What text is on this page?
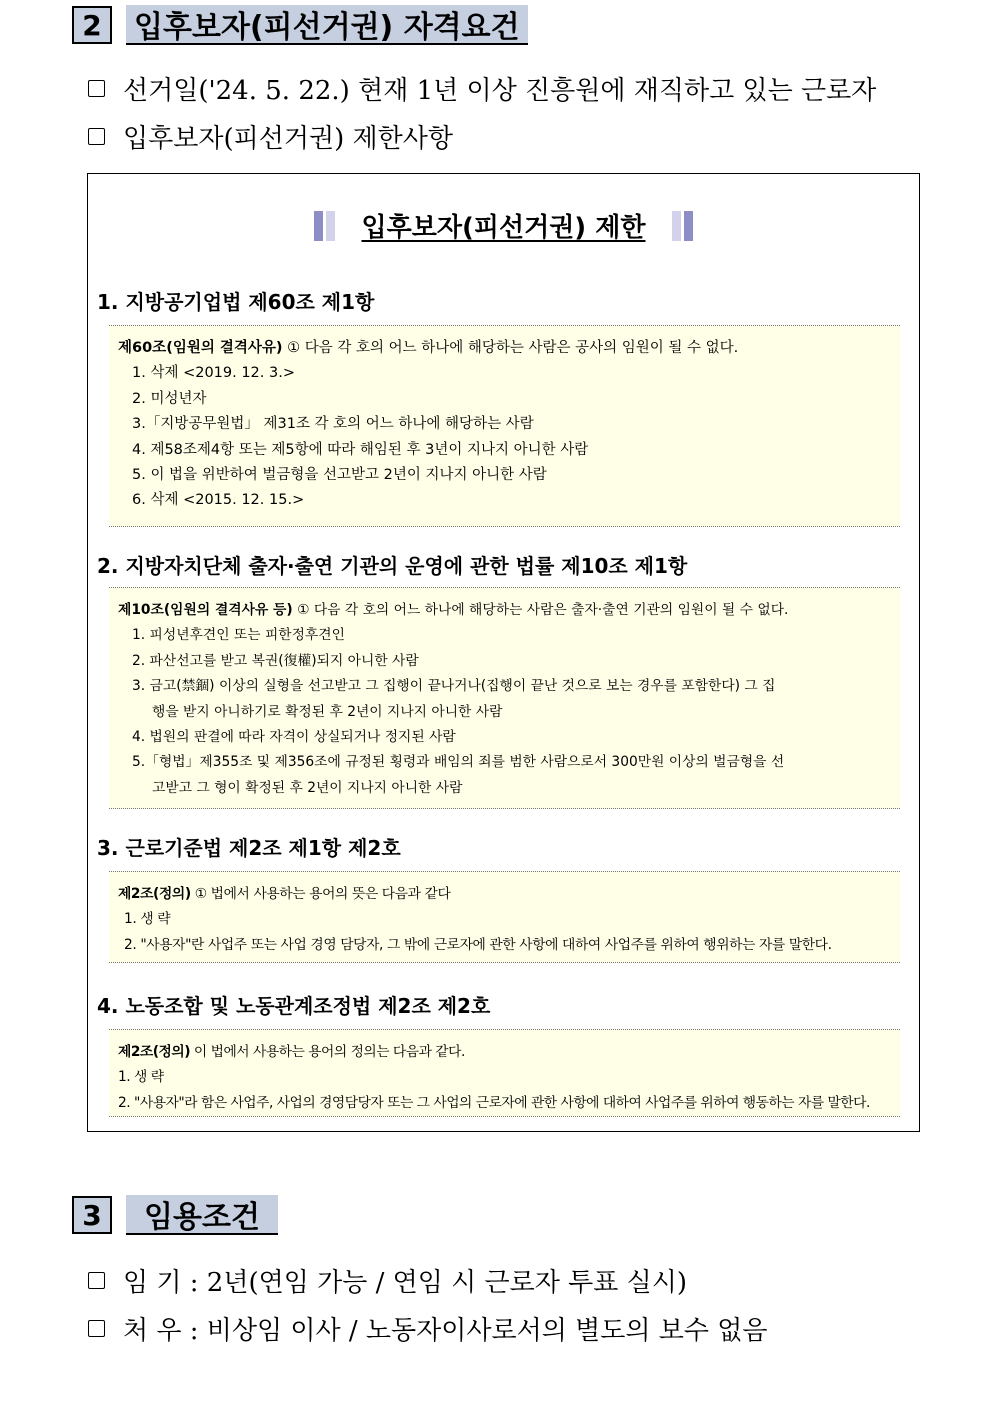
2	입후보자(피선거권) 자격요건
선거일('24. 5. 22.) 현재 1년 이상 진흥원에 재직하고 있는 근로자
입후보자(피선거권) 제한사항
입후보자(피선거권) 제한
1. 지방공기업법 제60조 제1항
제60조(임원의 결격사유) ① 다음 각 호의 어느 하나에 해당하는 사람은 공사의 임원이 될 수 없다.
1. 삭제 <2019. 12. 3.>
2. 미성년자
3.「지방공무원법」 제31조 각 호의 어느 하나에 해당하는 사람
4. 제58조제4항 또는 제5항에 따라 해임된 후 3년이 지나지 아니한 사람
5. 이 법을 위반하여 벌금형을 선고받고 2년이 지나지 아니한 사람
6. 삭제 <2015. 12. 15.>
2. 지방자치단체 출자·출연 기관의 운영에 관한 법률 제10조 제1항
제10조(임원의 결격사유 등) ① 다음 각 호의 어느 하나에 해당하는 사람은 출자·출연 기관의 임원이 될 수 없다.
1. 피성년후견인 또는 피한정후견인
2. 파산선고를 받고 복권(復權)되지 아니한 사람
3. 금고(禁錮) 이상의 실형을 선고받고 그 집행이 끝나거나(집행이 끝난 것으로 보는 경우를 포함한다) 그 집
행을 받지 아니하기로 확정된 후 2년이 지나지 아니한 사람
4. 법원의 판결에 따라 자격이 상실되거나 정지된 사람
5.「형법」제355조 및 제356조에 규정된 횡령과 배임의 죄를 범한 사람으로서 300만원 이상의 벌금형을 선
고받고 그 형이 확정된 후 2년이 지나지 아니한 사람
3. 근로기준법 제2조 제1항 제2호
제2조(정의) ① 법에서 사용하는 용어의 뜻은 다음과 같다
1. 생 략
2. "사용자"란 사업주 또는 사업 경영 담당자, 그 밖에 근로자에 관한 사항에 대하여 사업주를 위하여 행위하는 자를 말한다.
4. 노동조합 및 노동관계조정법 제2조 제2호
제2조(정의) 이 법에서 사용하는 용어의 정의는 다음과 같다.
1. 생 략
2. "사용자"라 함은 사업주, 사업의 경영담당자 또는 그 사업의 근로자에 관한 사항에 대하여 사업주를 위하여 행동하는 자를 말한다.
3	임용조건
임 기 : 2년(연임 가능 / 연임 시 근로자 투표 실시)
처 우 : 비상임 이사 / 노동자이사로서의 별도의 보수 없음
